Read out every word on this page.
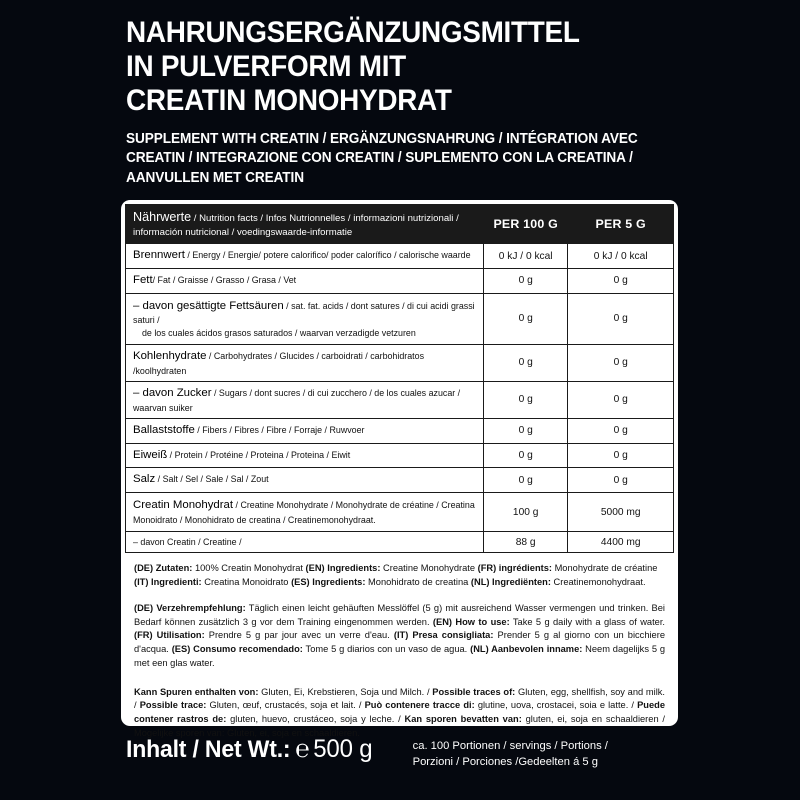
NAHRUNGSERGÄNZUNGSMITTEL
IN PULVERFORM MIT
CREATIN MONOHYDRAT
SUPPLEMENT WITH CREATIN / ERGÄNZUNGSNAHRUNG / INTÉGRATION AVEC
CREATIN / INTEGRAZIONE CON CREATIN / SUPLEMENTO CON LA CREATINA /
AANVULLEN MET CREATIN
Nährwerte / Nutrition facts / Infos Nutrionnelles / informazioni nutrizionali /
información nutricional / voedingswaarde-informatie	PER 100 G	PER 5 G
Brennwert / Energy / Energie/ potere calorifico/ poder calorífico / calorische waarde	0 kJ / 0 kcal	0 kJ / 0 kcal
Fett/ Fat / Graisse / Grasso / Grasa / Vet	0 g	0 g
– davon gesättigte Fettsäuren / sat. fat. acids / dont satures / di cui acidi grassi saturi /
de los cuales ácidos grasos saturados / waarvan verzadigde vetzuren	0 g	0 g
Kohlenhydrate / Carbohydrates / Glucides / carboidrati / carbohidratos /koolhydraten	0 g	0 g
– davon Zucker / Sugars / dont sucres / di cui zucchero / de los cuales azucar / waarvan suiker	0 g	0 g
Ballaststoffe / Fibers / Fibres / Fibre / Forraje / Ruwvoer	0 g	0 g
Eiweiß / Protein / Protéine / Proteina / Proteina / Eiwit	0 g	0 g
Salz / Salt / Sel / Sale / Sal / Zout	0 g	0 g
Creatin Monohydrat / Creatine Monohydrate / Monohydrate de créatine / Creatina
Monoidrato / Monohidrato de creatina / Creatinemonohydraat.	100 g	5000 mg
– davon Creatin / Creatine /	88 g	4400 mg
(DE) Zutaten: 100% Creatin Monohydrat (EN) Ingredients: Creatine Monohydrate (FR) ingrédients: Monohydrate de créatine
(IT) Ingredienti: Creatina Monoidrato (ES) Ingredients: Monohidrato de creatina (NL) Ingrediënten: Creatinemonohydraat.
(DE) Verzehrempfehlung: Täglich einen leicht gehäuften Messlöffel (5 g) mit ausreichend Wasser vermengen und trinken. Bei Bedarf können zusätzlich 3 g vor dem Training eingenommen werden. (EN) How to use: Take 5 g daily with a glass of water. (FR) Utilisation: Prendre 5 g par jour avec un verre d'eau. (IT) Presa consigliata: Prender 5 g al giorno con un bicchiere d'acqua. (ES) Consumo recomendado: Tome 5 g diarios con un vaso de agua. (NL) Aanbevolen inname: Neem dagelijks 5 g met een glas water.
Kann Spuren enthalten von: Gluten, Ei, Krebstieren, Soja und Milch. / Possible traces of: Gluten, egg, shellfish, soy and milk. / Possible trace: Gluten, œuf, crustacés, soja et lait. / Può contenere tracce di: glutine, uova, crostacei, soia e latte. / Puede contener rastros de: gluten, huevo, crustáceo, soja y leche. / Kan sporen bevatten van: gluten, ei, soja en schaaldieren / Mogelijke sporen van: Gluten, ei, soja en schaaldieren.
Inhalt / Net Wt.: ℮ 500 g	ca. 100 Portionen / servings / Portions /
Porzioni / Porciones /Gedeelten á 5 g
